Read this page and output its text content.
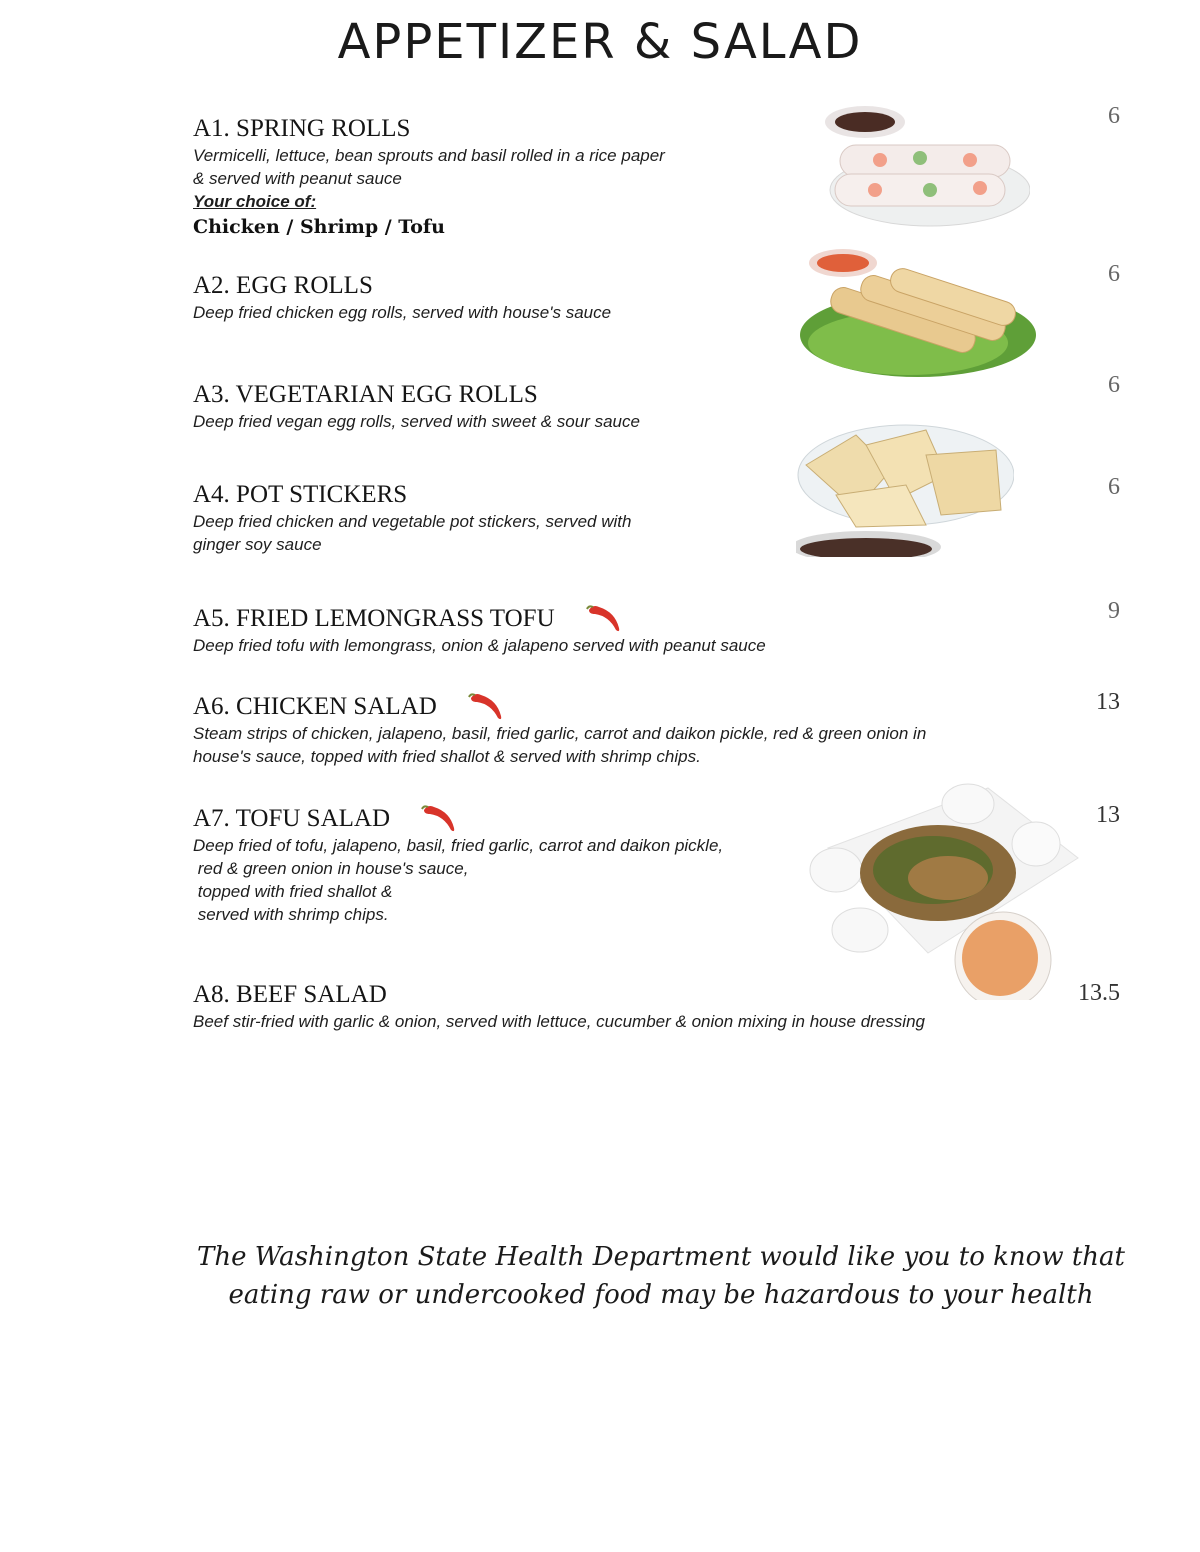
APPETIZER & SALAD
A1. SPRING ROLLS
Vermicelli, lettuce, bean sprouts and basil rolled in a rice paper
& served with peanut sauce
Your choice of:
Chicken / Shrimp / Tofu
6
A2. EGG ROLLS
Deep fried chicken egg rolls, served with house's sauce
6
A3. VEGETARIAN EGG ROLLS
Deep fried vegan egg rolls, served with sweet & sour sauce
6
A4. POT STICKERS
Deep fried chicken and vegetable pot stickers, served with
ginger soy sauce
6
A5. FRIED LEMONGRASS TOFU
Deep fried tofu with lemongrass, onion & jalapeno served with peanut sauce
9
A6. CHICKEN SALAD
Steam strips of chicken, jalapeno, basil, fried garlic, carrot and daikon pickle, red & green onion in
house's sauce, topped with fried shallot & served with shrimp chips.
13
A7. TOFU SALAD
Deep fried of tofu, jalapeno, basil, fried garlic, carrot and daikon pickle,
red & green onion in house's sauce,
topped with fried shallot &
served with shrimp chips.
13
A8. BEEF SALAD
Beef stir-fried with garlic & onion, served with lettuce, cucumber & onion mixing in house dressing
13.5
The Washington State Health Department would like you to know that
eating raw or undercooked food may be hazardous to your health
